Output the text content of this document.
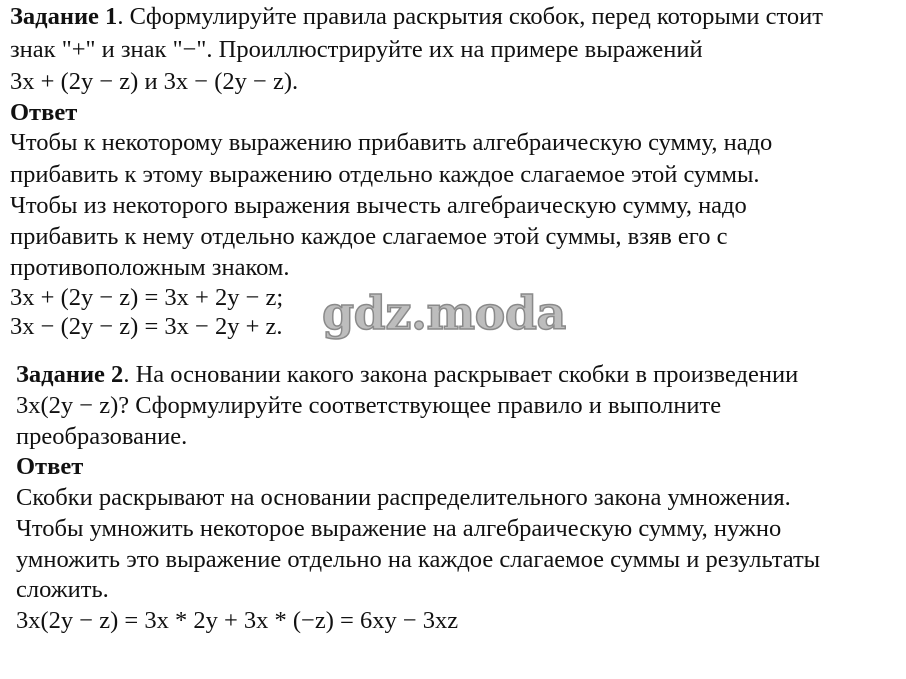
Задание 1. Сформулируйте правила раскрытия скобок, перед которыми стоит
знак "+" и знак "−". Проиллюстрируйте их на примере выражений
3x + (2y − z) и 3x − (2y − z).
Ответ
Чтобы к некоторому выражению прибавить алгебраическую сумму, надо
прибавить к этому выражению отдельно каждое слагаемое этой суммы.
Чтобы из некоторого выражения вычесть алгебраическую сумму, надо
прибавить к нему отдельно каждое слагаемое этой суммы, взяв его с
противоположным знаком.
3x + (2y − z) = 3x + 2y − z;
3x − (2y − z) = 3x − 2y + z. gdz.moda
Задание 2. На основании какого закона раскрывает скобки в произведении
3x(2y − z)? Сформулируйте соответствующее правило и выполните
преобразование.
Ответ
Скобки раскрывают на основании распределительного закона умножения.
Чтобы умножить некоторое выражение на алгебраическую сумму, нужно
умножить это выражение отдельно на каждое слагаемое суммы и результаты
сложить.
3x(2y − z) = 3x * 2y + 3x * (−z) = 6xy − 3xz
